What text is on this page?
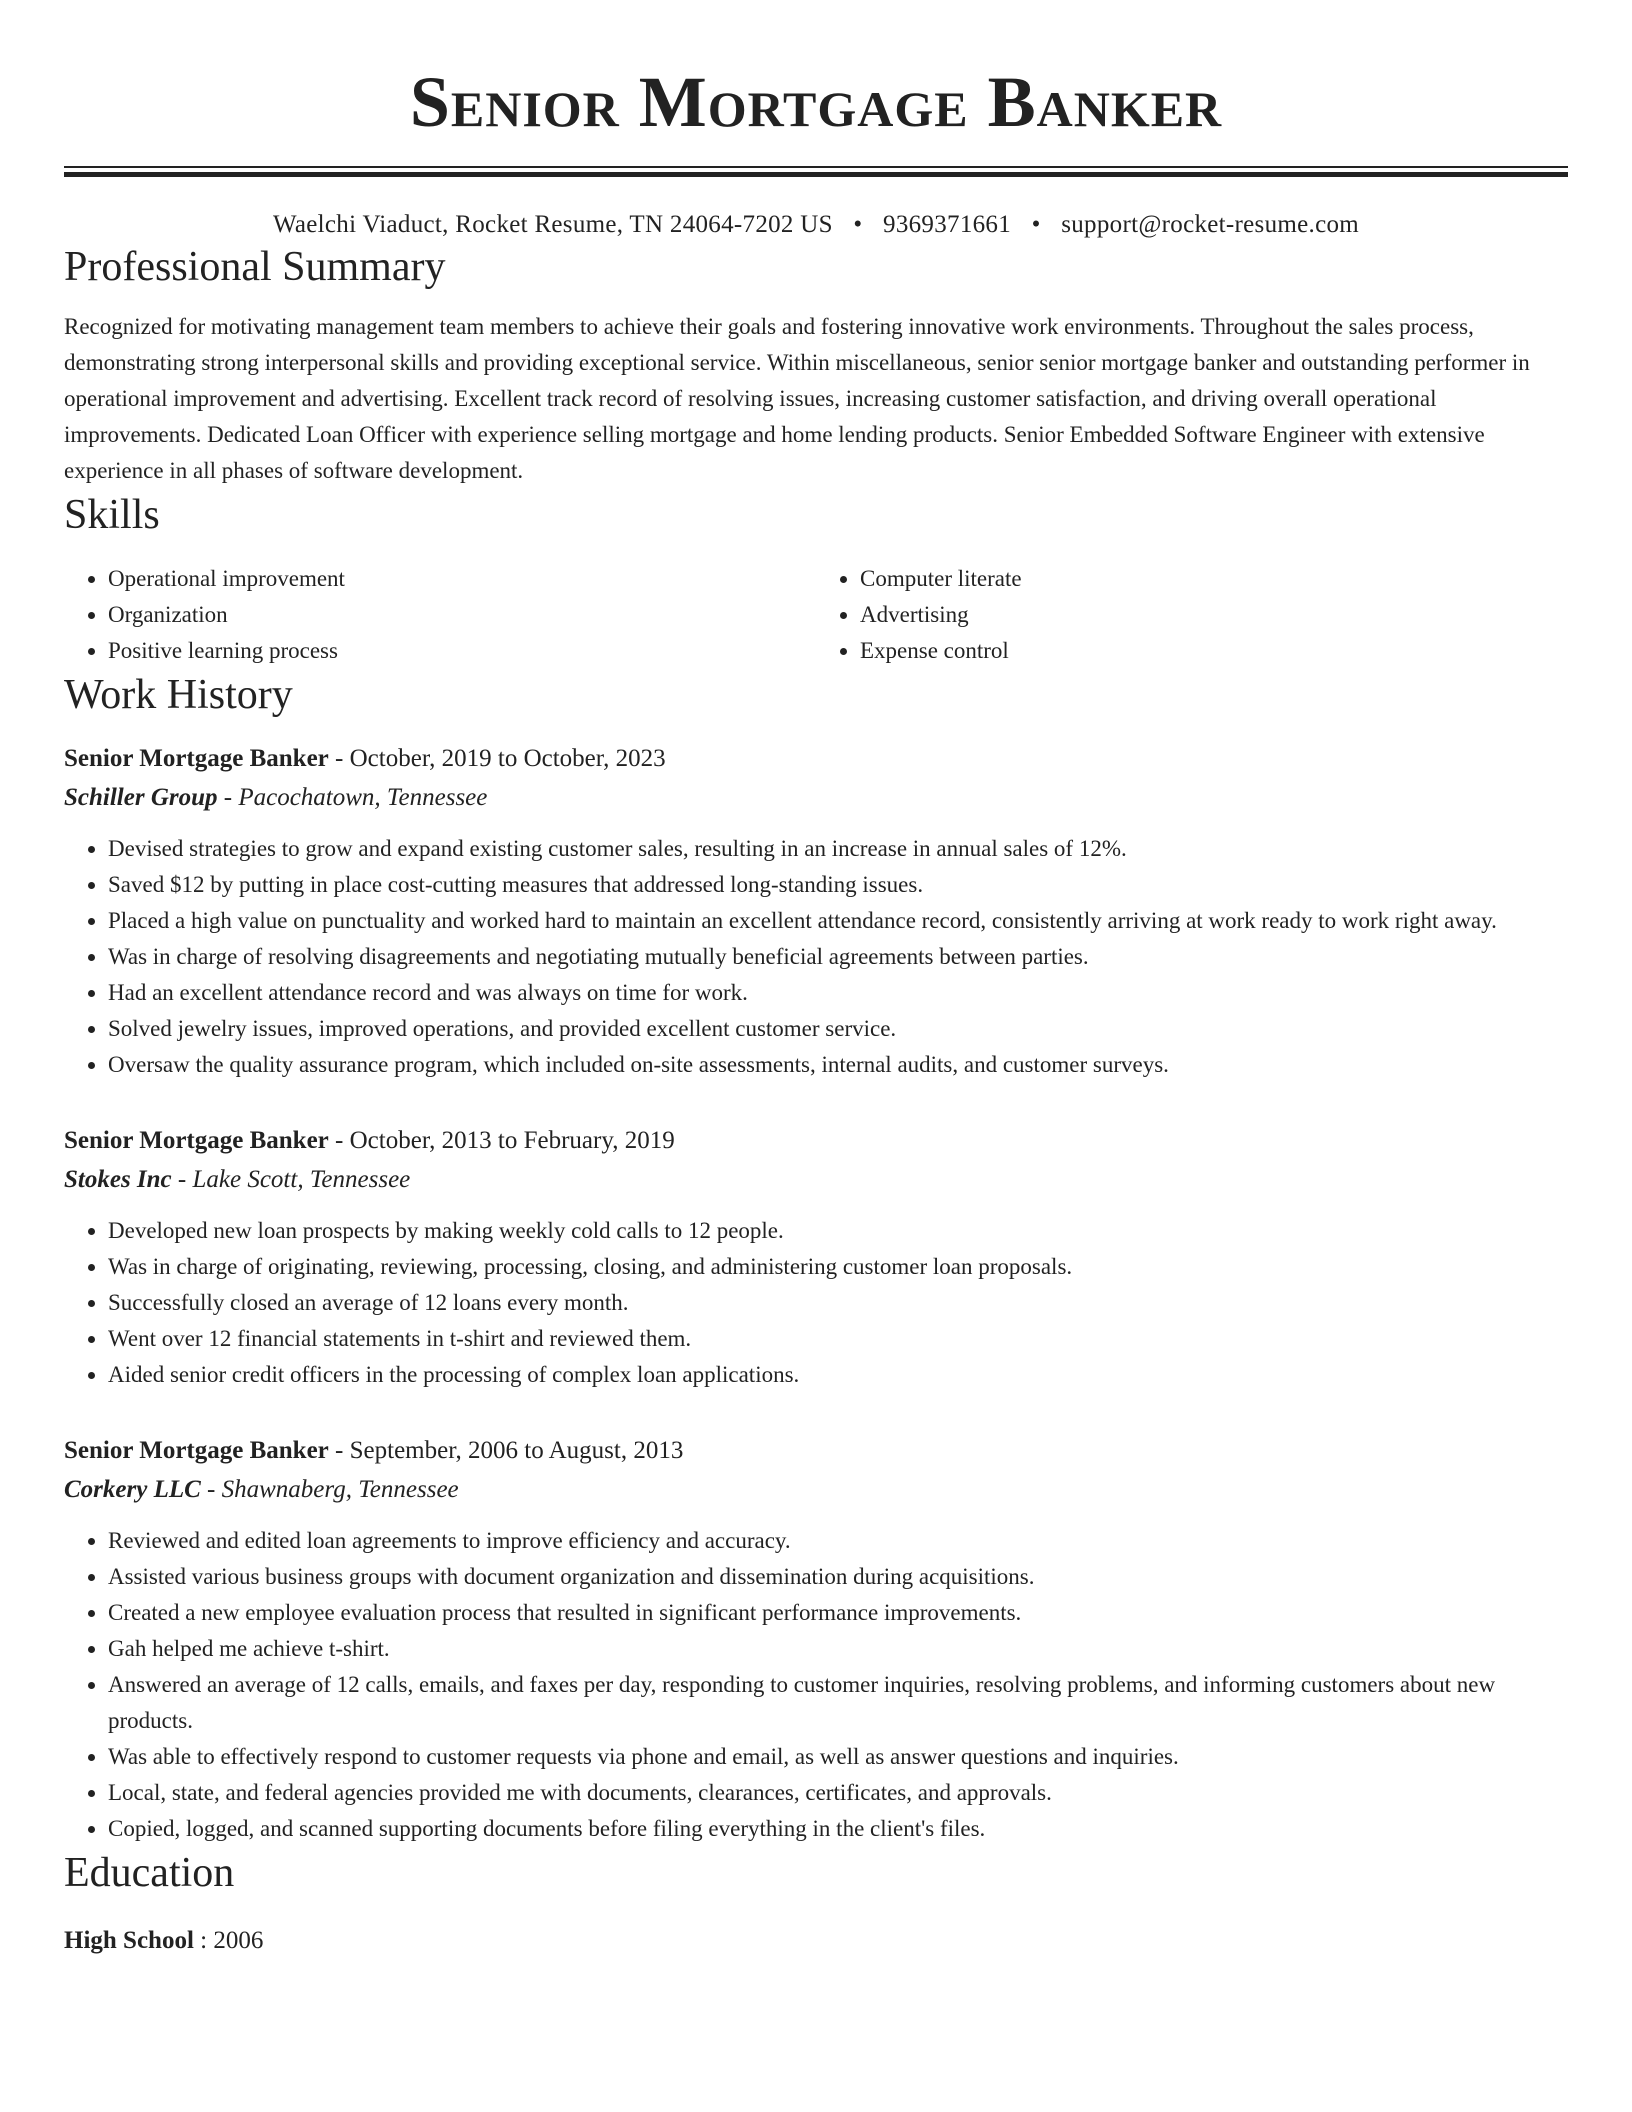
Senior Mortgage Banker
Waelchi Viaduct, Rocket Resume, TN 24064-7202 US • 9369371661 • support@rocket-resume.com
Professional Summary

Recognized for motivating management team members to achieve their goals and fostering innovative work environments. Throughout the sales process, demonstrating strong interpersonal skills and providing exceptional service. Within miscellaneous, senior senior mortgage banker and outstanding performer in operational improvement and advertising. Excellent track record of resolving issues, increasing customer satisfaction, and driving overall operational improvements. Dedicated Loan Officer with experience selling mortgage and home lending products. Senior Embedded Software Engineer with extensive experience in all phases of software development.

Skills
• Operational improvement
• Organization
• Positive learning process
• Computer literate
• Advertising
• Expense control
Work History
Senior Mortgage Banker - October, 2019 to October, 2023
Schiller Group - Pacochatown, Tennessee
• Devised strategies to grow and expand existing customer sales, resulting in an increase in annual sales of 12%.
• Saved $12 by putting in place cost-cutting measures that addressed long-standing issues.
• Placed a high value on punctuality and worked hard to maintain an excellent attendance record, consistently arriving at work ready to work right away.
• Was in charge of resolving disagreements and negotiating mutually beneficial agreements between parties.
• Had an excellent attendance record and was always on time for work.
• Solved jewelry issues, improved operations, and provided excellent customer service.
• Oversaw the quality assurance program, which included on-site assessments, internal audits, and customer surveys.
Senior Mortgage Banker - October, 2013 to February, 2019
Stokes Inc - Lake Scott, Tennessee
• Developed new loan prospects by making weekly cold calls to 12 people.
• Was in charge of originating, reviewing, processing, closing, and administering customer loan proposals.
• Successfully closed an average of 12 loans every month.
• Went over 12 financial statements in t-shirt and reviewed them.
• Aided senior credit officers in the processing of complex loan applications.
Senior Mortgage Banker - September, 2006 to August, 2013
Corkery LLC - Shawnaberg, Tennessee
• Reviewed and edited loan agreements to improve efficiency and accuracy.
• Assisted various business groups with document organization and dissemination during acquisitions.
• Created a new employee evaluation process that resulted in significant performance improvements.
• Gah helped me achieve t-shirt.
• Answered an average of 12 calls, emails, and faxes per day, responding to customer inquiries, resolving problems, and informing customers about new products.
• Was able to effectively respond to customer requests via phone and email, as well as answer questions and inquiries.
• Local, state, and federal agencies provided me with documents, clearances, certificates, and approvals.
• Copied, logged, and scanned supporting documents before filing everything in the client's files.
Education
High School : 2006
